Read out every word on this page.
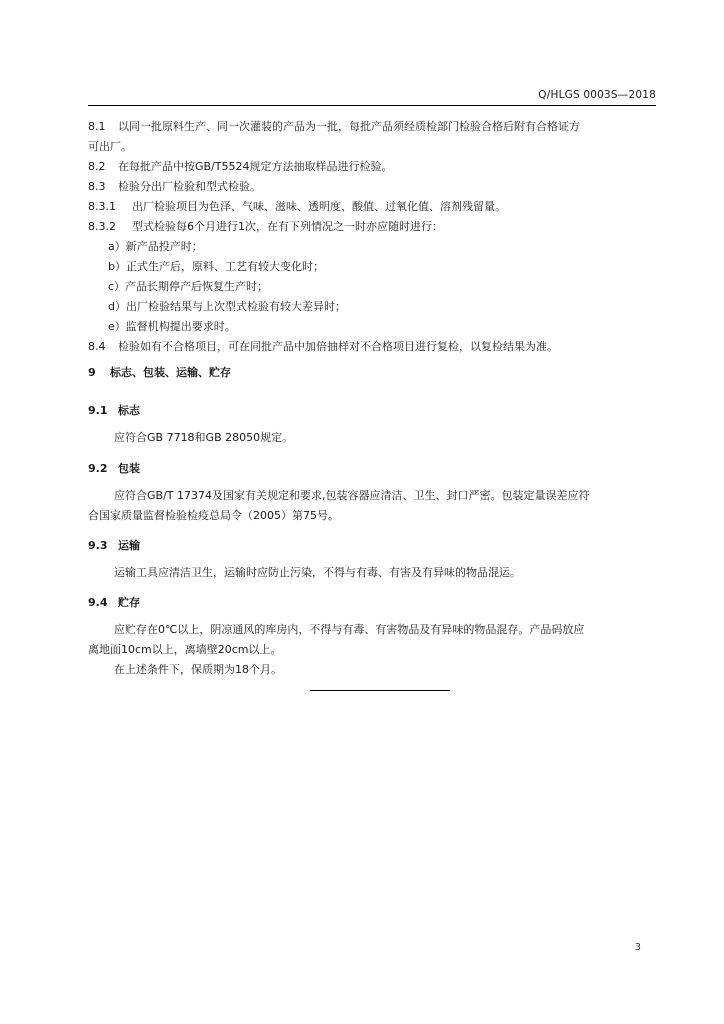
Q/HLGS 0003S—2018
8.1 以同一批原料生产、同一次灌装的产品为一批，每批产品须经质检部门检验合格后附有合格证方
可出厂。
8.2 在每批产品中按GB/T5524规定方法抽取样品进行检验。
8.3 检验分出厂检验和型式检验。
8.3.1 出厂检验项目为色泽、气味、滋味、透明度、酸值、过氧化值、溶剂残留量。
8.3.2 型式检验每6个月进行1次，在有下列情况之一时亦应随时进行：
a）新产品投产时；
b）正式生产后，原料、工艺有较大变化时；
c）产品长期停产后恢复生产时；
d）出厂检验结果与上次型式检验有较大差异时；
e）监督机构提出要求时。
8.4 检验如有不合格项目，可在同批产品中加倍抽样对不合格项目进行复检，以复检结果为准。
9 标志、包装、运输、贮存
9.1 标志
应符合GB 7718和GB 28050规定。
9.2 包装
应符合GB/T 17374及国家有关规定和要求,包装容器应清洁、卫生、封口严密。包装定量误差应符
合国家质量监督检验检疫总局令（2005）第75号。
9.3 运输
运输工具应清洁卫生，运输时应防止污染，不得与有毒、有害及有异味的物品混运。
9.4 贮存
应贮存在0℃以上，阴凉通风的库房内，不得与有毒、有害物品及有异味的物品混存。产品码放应
离地面10cm以上，离墙壁20cm以上。
在上述条件下，保质期为18个月。
3
